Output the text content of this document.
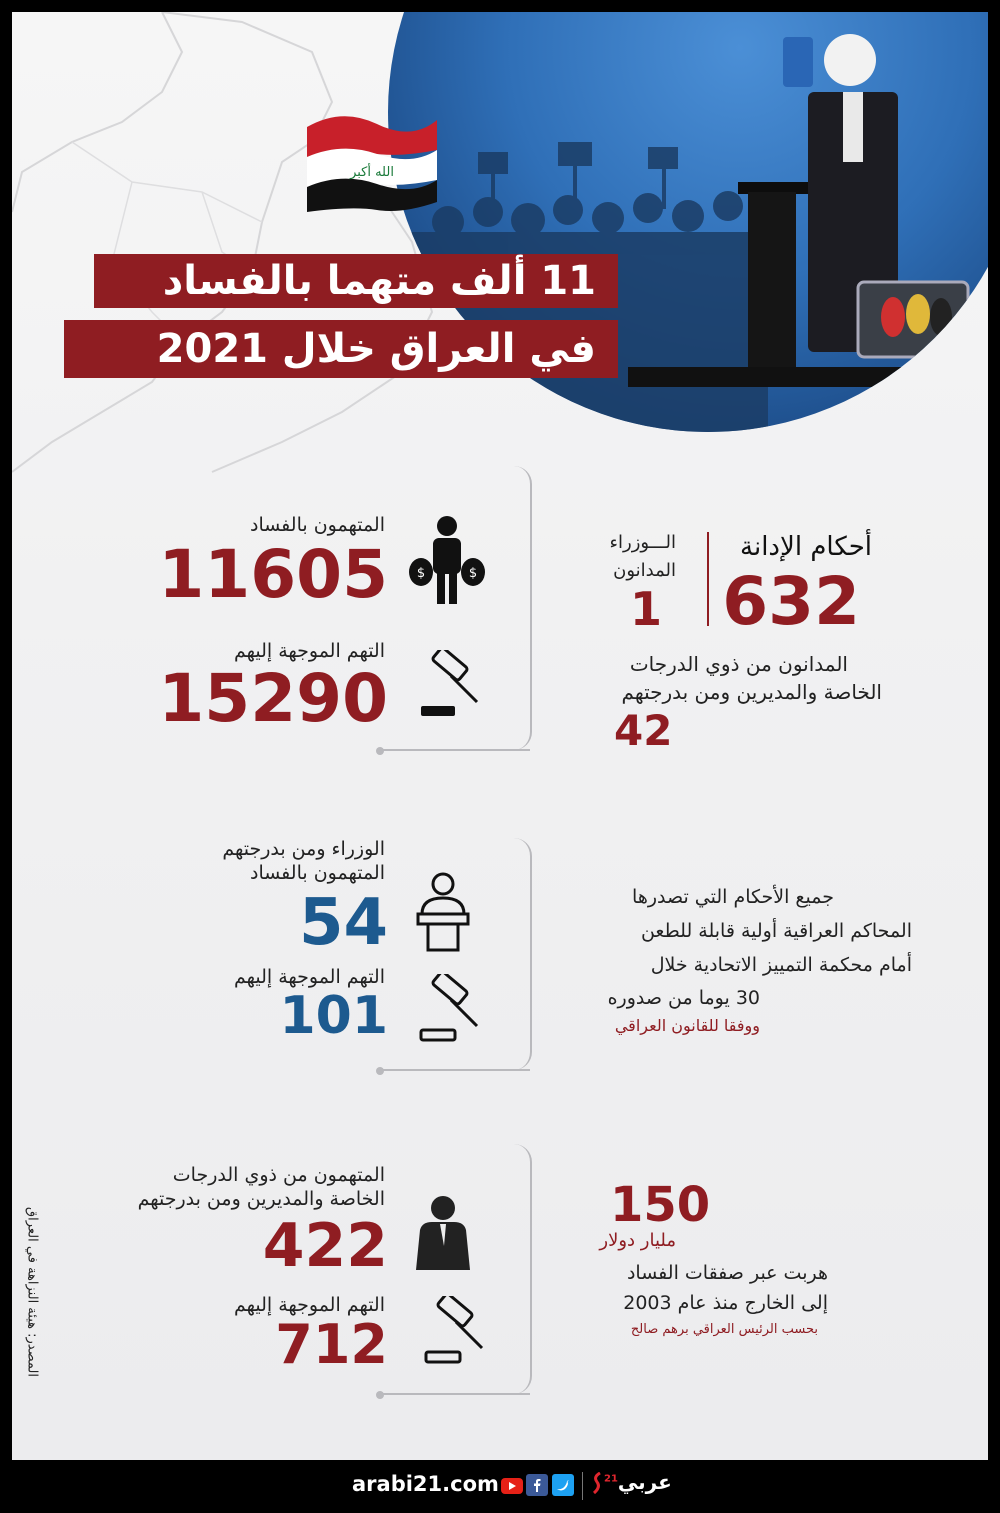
الله أكبر
11 ألف متهما بالفساد
في العراق خلال 2021
المتهمون بالفساد
11605 $	$
التهم الموجهة إليهم
15290
أحكام الإدانة
632
الـــوزراء
المدانون
1
المدانون من ذوي الدرجات
الخاصة والمديرين ومن بدرجتهم
42
الوزراء ومن بدرجتهم
المتهمون بالفساد
54
التهم الموجهة إليهم
101
جميع الأحكام التي تصدرها
المحاكم العراقية أولية قابلة للطعن
أمام محكمة التمييز الاتحادية خلال
30 يوما من صدوره
ووفقا للقانون العراقي
المتهمون من ذوي الدرجات
الخاصة والمديرين ومن بدرجتهم
422
التهم الموجهة إليهم
712
150
مليار دولار
هربت عبر صفقات الفساد
إلى الخارج منذ عام 2003
بحسب الرئيس العراقي برهم صالح
المصدر: هيئة النزاهة في العراق
arabi21.com	عربي$^{21}$
